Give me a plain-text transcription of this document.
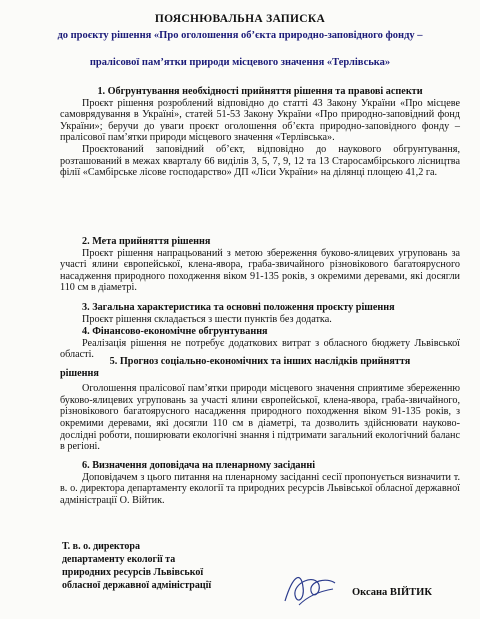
ПОЯСНЮВАЛЬНА ЗАПИСКА
до проєкту рішення «Про оголошення об’єкта природно-заповідного фонду –
пралісової пам’ятки природи місцевого значення «Терлівська»
1. Обгрунтування необхідності прийняття рішення та правові аспекти
Проєкт рішення розроблений відповідно до статті 43 Закону України «Про місцеве самоврядування в Україні», статей 51-53 Закону України «Про природно-заповідний фонд України»; беручи до уваги проєкт оголошення об’єкта природно-заповідного фонду – пралісової пам’ятки природи місцевого значення «Терлівська».
Проєктований заповідний об’єкт, відповідно до наукового обгрунтування, розташований в межах кварталу 66 виділів 3, 5, 7, 9, 12 та 13 Старосамбірського лісництва філії «Самбірське лісове господарство» ДП «Ліси України» на ділянці площею 41,2 га.
2. Мета прийняття рішення
Проєкт рішення напрацьований з метою збереження буково-ялицевих угруповань за участі ялини європейської, клена-явора, граба-звичайного різновікового багатоярусного насадження природного походження віком 91-135 років, з окремими деревами, які досягли 110 см в діаметрі.
3. Загальна характеристика та основні положення проєкту рішення
Проєкт рішення складається з шести пунктів без додатка.
4. Фінансово-економічне обгрунтування
Реалізація рішення не потребує додаткових витрат з обласного бюджету Львівської області.
5. Прогноз соціально-економічних та інших наслідків прийняття
рішення
Оголошення пралісової пам’ятки природи місцевого значення сприятиме збереженню буково-ялицевих угруповань за участі ялини європейської, клена-явора, граба-звичайного, різновікового багатоярусного насадження природного походження віком 91-135 років, з окремими деревами, які досягли 110 см в діаметрі, та дозволить здійснювати науково-дослідні роботи, поширювати екологічні знання і підтримати загальний екологічний баланс в регіоні.
6. Визначення доповідача на пленарному засіданні
Доповідачем з цього питання на пленарному засіданні сесії пропонується визначити т. в. о. директора департаменту екології та природних ресурсів Львівської обласної державної адміністрації О. Війтик.
Т. в. о. директора
департаменту екології та
природних ресурсів Львівської
обласної державної адміністрації
Оксана ВІЙТИК
